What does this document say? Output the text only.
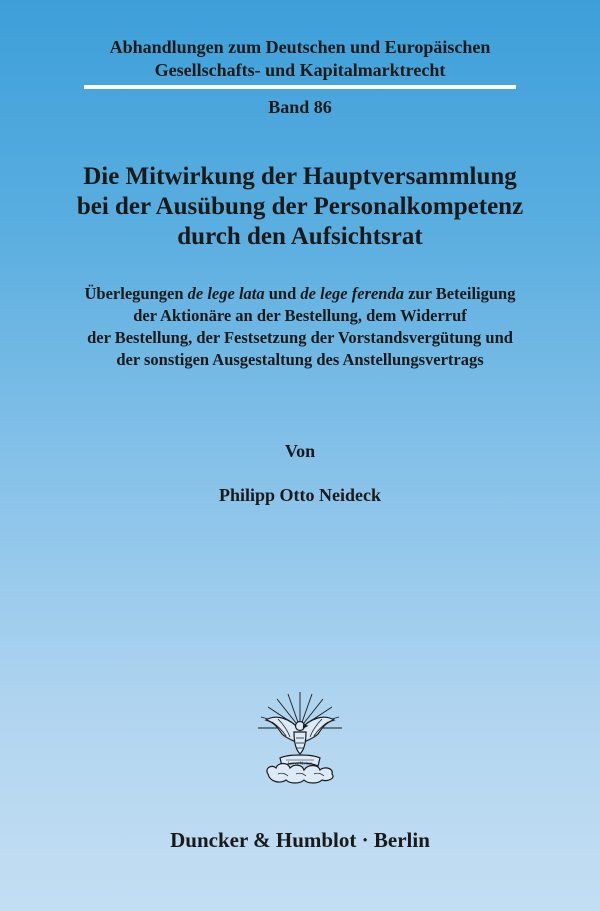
Abhandlungen zum Deutschen und Europäischen
Gesellschafts- und Kapitalmarktrecht
Band 86
Die Mitwirkung der Hauptversammlung
bei der Ausübung der Personalkompetenz
durch den Aufsichtsrat
Überlegungen de lege lata und de lege ferenda zur Beteiligung
der Aktionäre an der Bestellung, dem Widerruf
der Bestellung, der Festsetzung der Vorstandsvergütung und
der sonstigen Ausgestaltung des Anstellungsvertrags
Von
Philipp Otto Neideck
Lex et Veritas
Duncker & Humblot · Berlin
